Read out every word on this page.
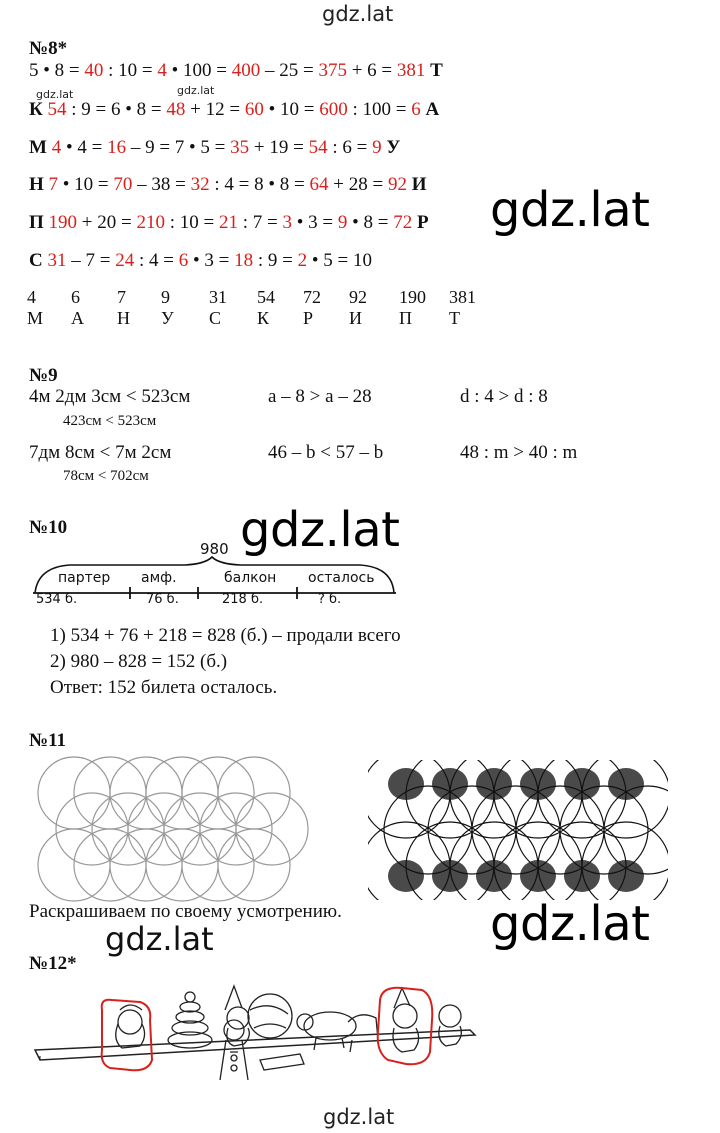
gdz.lat
gdz.lat	gdz.lat
gdz.lat
gdz.lat
gdz.lat
gdz.lat
gdz.lat
№8*
5 • 8 = 40 : 10 = 4 • 100 = 400 – 25 = 375 + 6 = 381 Т
К 54 : 9 = 6 • 8 = 48 + 12 = 60 • 10 = 600 : 100 = 6 А
М 4 • 4 = 16 – 9 = 7 • 5 = 35 + 19 = 54 : 6 = 9 У
Н 7 • 10 = 70 – 38 = 32 : 4 = 8 • 8 = 64 + 28 = 92 И
П 190 + 20 = 210 : 10 = 21 : 7 = 3 • 3 = 9 • 8 = 72 Р
С 31 – 7 = 24 : 4 = 6 • 3 = 18 : 9 = 2 • 5 = 10
4	6	7	9	31	54	72	92	190	381
М	А	Н	У	С	К	Р	И	П	Т
№9
4м 2дм 3см < 523см	a – 8 > a – 28	d : 4 > d : 8
423см < 523см
7дм 8см < 7м 2см	46 – b < 57 – b	48 : m > 40 : m
78см < 702см
№10
980
партер амф.	балкон осталось
534 б.	76 б.	218 б.	? б.
1) 534 + 76 + 218 = 828 (б.) – продали всего
2) 980 – 828 = 152 (б.)
Ответ: 152 билета осталось.
№11
Раскрашиваем по своему усмотрению.
№12*
